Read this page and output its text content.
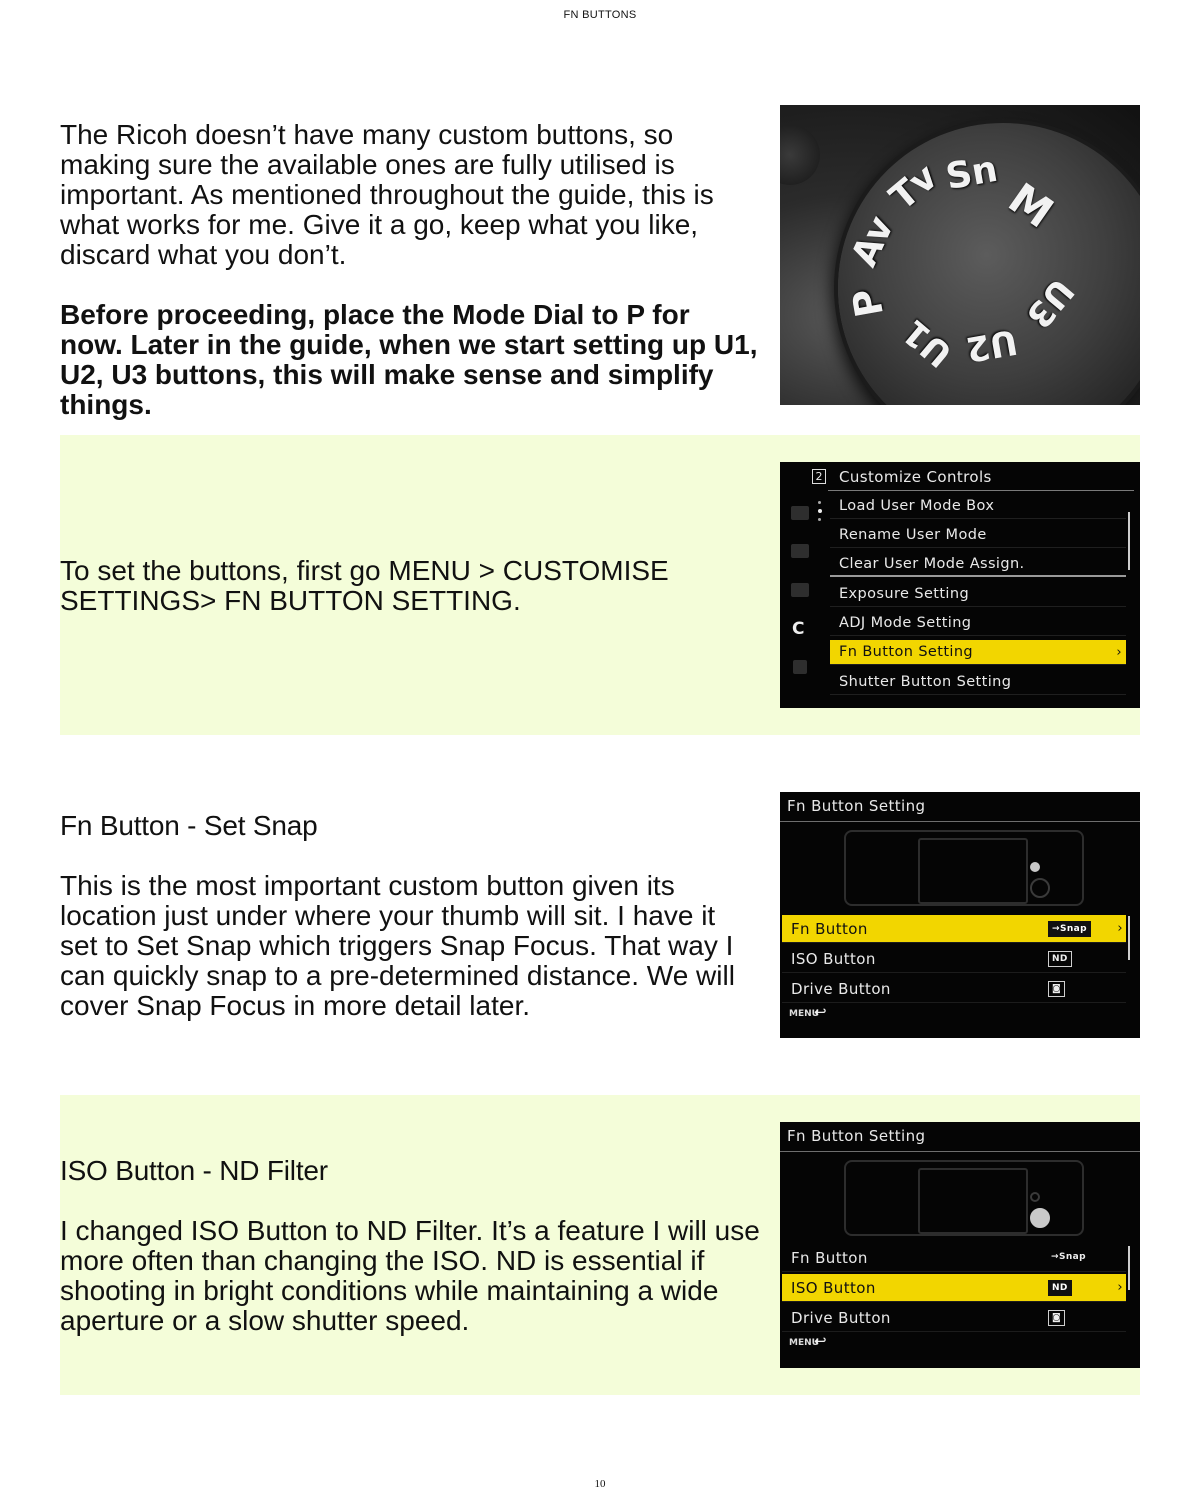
FN BUTTONS

The Ricoh doesn’t have many custom buttons, so making sure the available ones are fully utilised is important. As mentioned throughout the guide, this is what works for me. Give it a go, keep what you like, discard what you don’t.

Before proceeding, place the Mode Dial to P for now. Later in the guide, when we start setting up U1, U2, U3 buttons, this will make sense and simplify things.

Sn
M
Tv
Av
P
U1 U2
U3
To set the buttons, first go MENU > CUSTOMISE SETTINGS> FN BUTTON SETTING.
2 Customize Controls
C
Load User Mode Box
Rename User Mode
Clear User Mode Assign.
Exposure Setting
ADJ Mode Setting
Fn Button Setting	›
Shutter Button Setting

Fn Button - Set Snap

This is the most important custom button given its location just under where your thumb will sit. I have it set to Set Snap which triggers Snap Focus. That way I can quickly snap to a pre-determined distance. We will cover Snap Focus in more detail later.

Fn Button Setting
Fn Button	→Snap	›
ISO Button	ND
Drive Button	◙
MENU
↩

ISO Button - ND Filter

I changed ISO Button to ND Filter. It’s a feature I will use more often than changing the ISO. ND is essential if shooting in bright conditions while maintaining a wide aperture or a slow shutter speed.

Fn Button Setting
Fn Button	→Snap
ISO Button	ND	›
Drive Button	◙
MENU
↩
10
